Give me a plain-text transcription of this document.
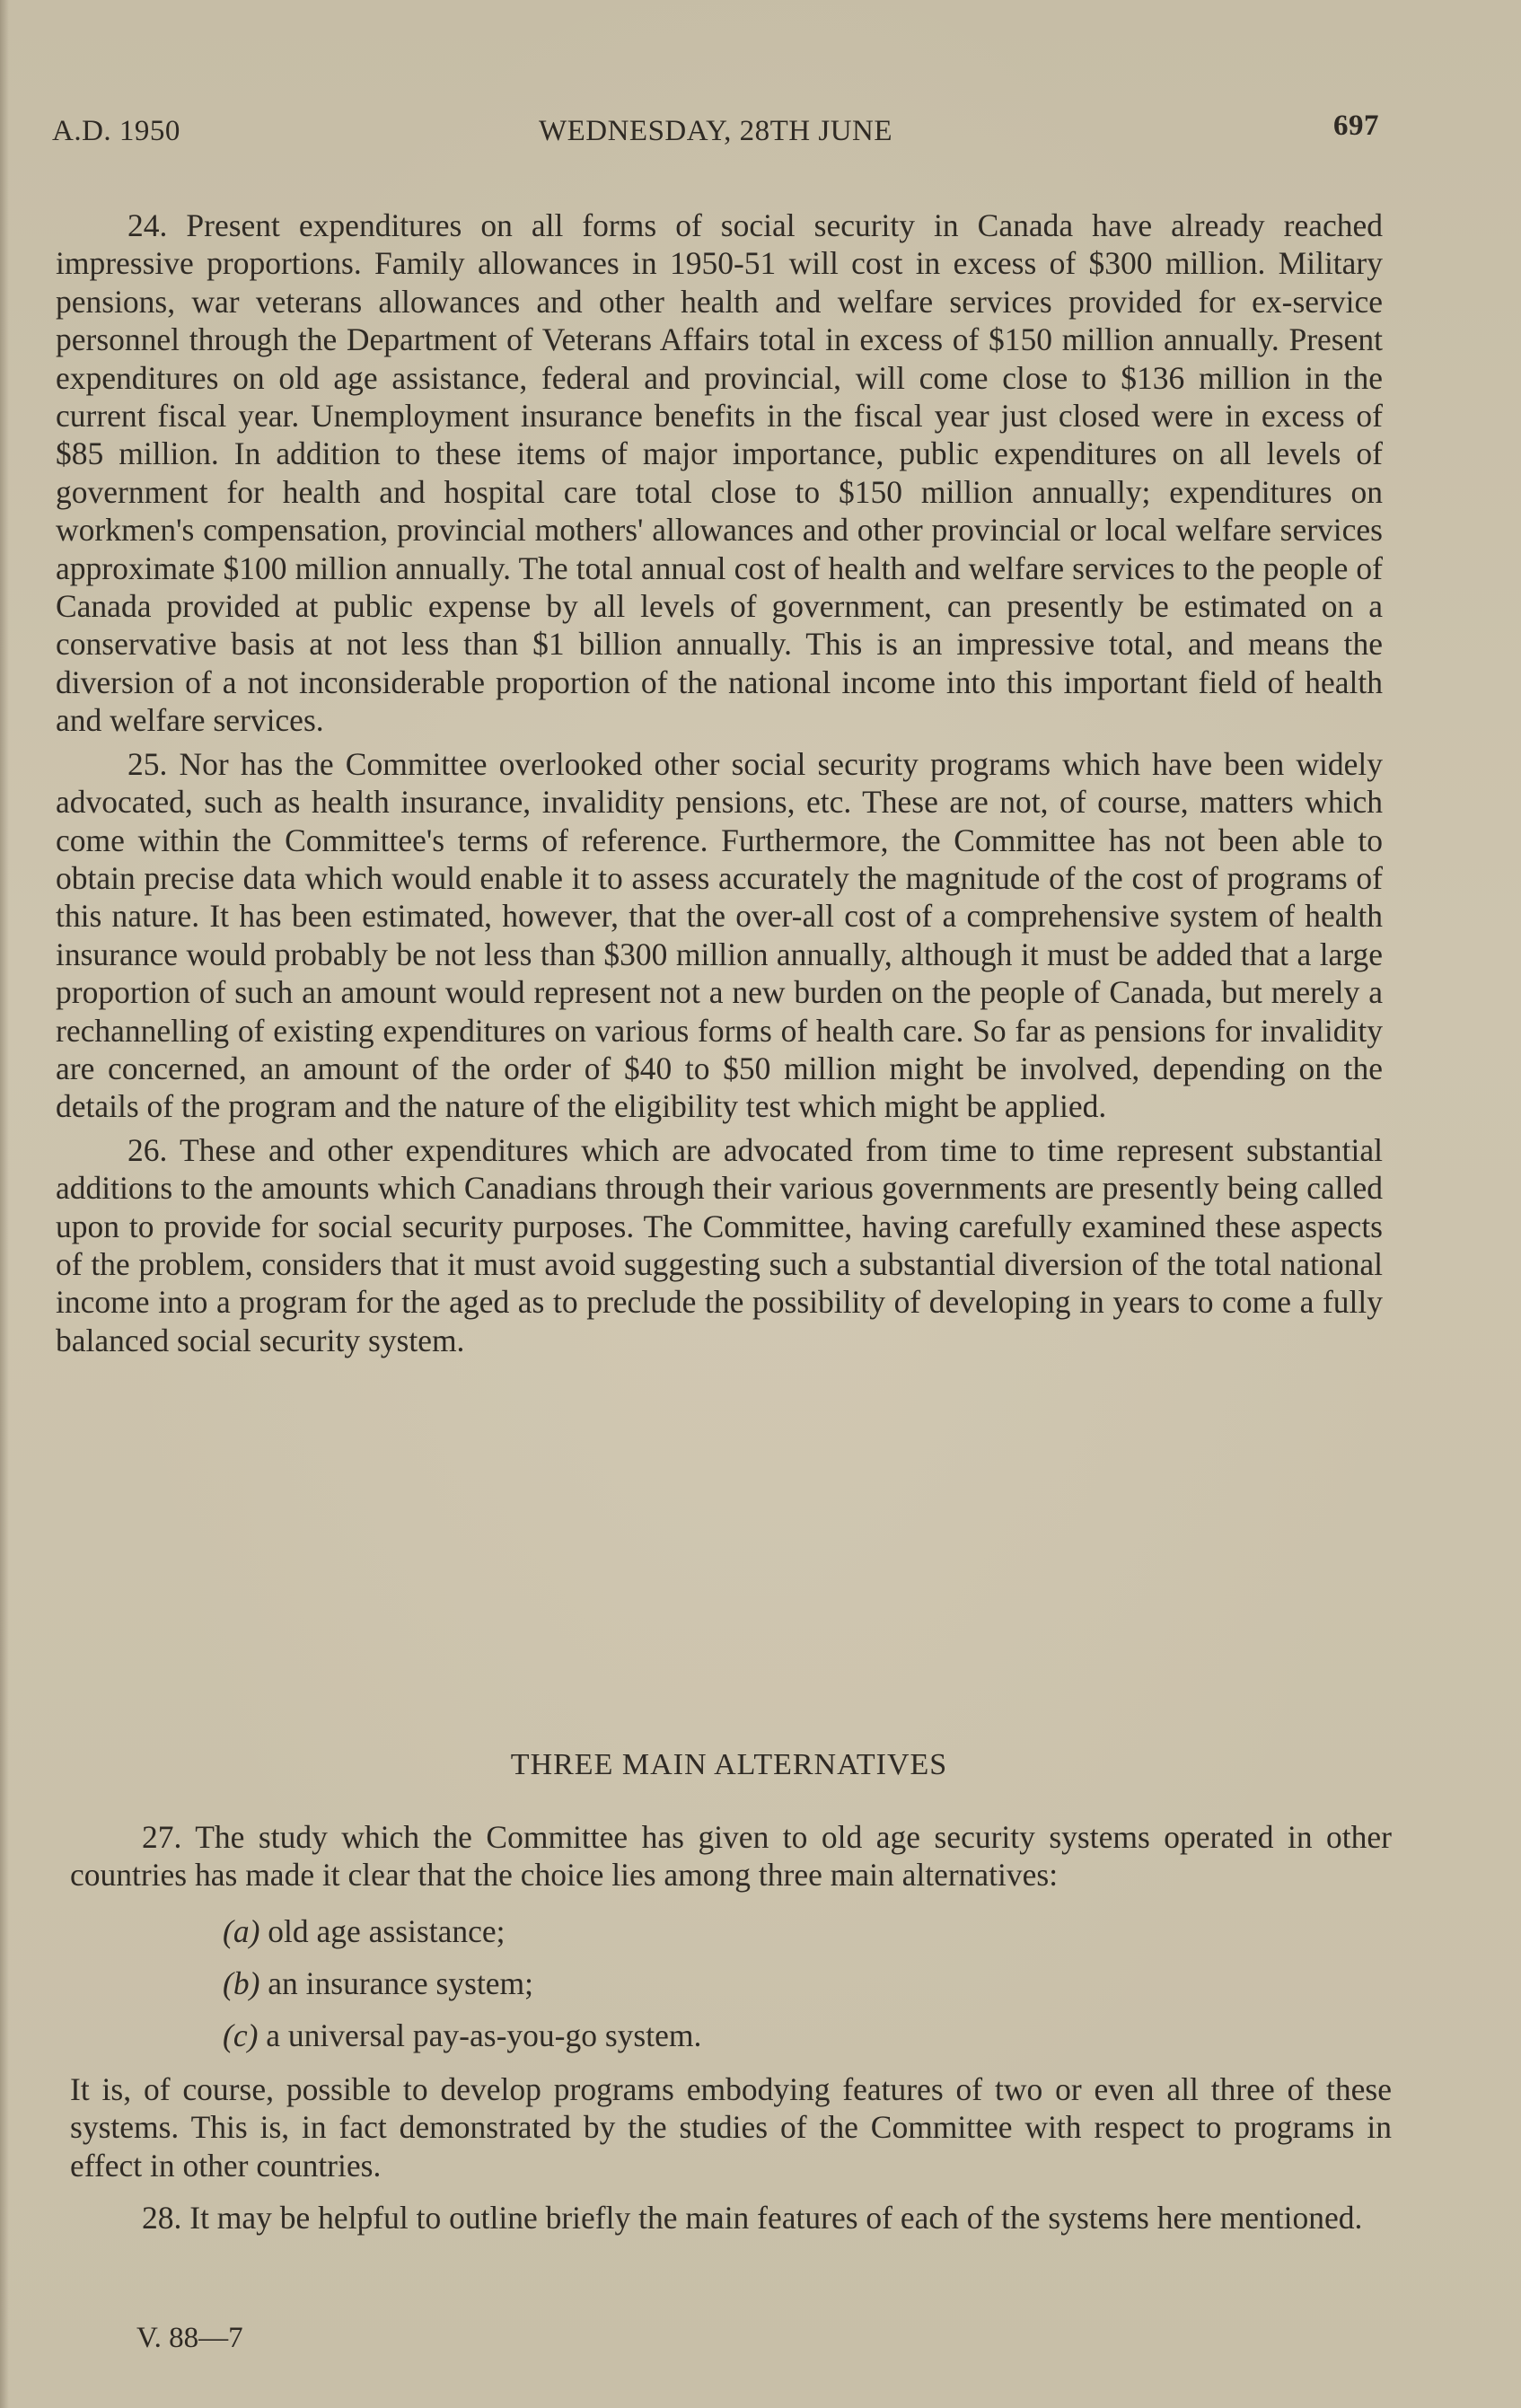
A.D. 1950	WEDNESDAY, 28TH JUNE	697

24. Present expenditures on all forms of social security in Canada have already reached impressive proportions. Family allowances in 1950-51 will cost in excess of $300 million. Military pensions, war veterans allowances and other health and welfare services provided for ex-service personnel through the Department of Veterans Affairs total in excess of $150 million annually. Present expenditures on old age assistance, federal and provincial, will come close to $136 million in the current fiscal year. Unemployment insurance benefits in the fiscal year just closed were in excess of $85 million. In addition to these items of major importance, public expenditures on all levels of government for health and hospital care total close to $150 million annually; expenditures on workmen's compensation, provincial mothers' allowances and other provincial or local welfare services approximate $100 million annually. The total annual cost of health and welfare services to the people of Canada provided at public expense by all levels of government, can presently be estimated on a conservative basis at not less than $1 billion annually. This is an impressive total, and means the diversion of a not inconsiderable proportion of the national income into this important field of health and welfare services.

25. Nor has the Committee overlooked other social security programs which have been widely advocated, such as health insurance, invalidity pensions, etc. These are not, of course, matters which come within the Committee's terms of reference. Furthermore, the Committee has not been able to obtain precise data which would enable it to assess accurately the magnitude of the cost of programs of this nature. It has been estimated, however, that the over-all cost of a comprehensive system of health insurance would probably be not less than $300 million annually, although it must be added that a large proportion of such an amount would represent not a new burden on the people of Canada, but merely a rechannelling of existing expenditures on various forms of health care. So far as pensions for invalidity are concerned, an amount of the order of $40 to $50 million might be involved, depending on the details of the program and the nature of the eligibility test which might be applied.

26. These and other expenditures which are advocated from time to time represent substantial additions to the amounts which Canadians through their various governments are presently being called upon to provide for social security purposes. The Committee, having carefully examined these aspects of the problem, considers that it must avoid suggesting such a substantial diversion of the total national income into a program for the aged as to preclude the possibility of developing in years to come a fully balanced social security system.

THREE MAIN ALTERNATIVES

27. The study which the Committee has given to old age security systems operated in other countries has made it clear that the choice lies among three main alternatives:

(a) old age assistance;
(b) an insurance system;
(c) a universal pay-as-you-go system.

It is, of course, possible to develop programs embodying features of two or even all three of these systems. This is, in fact demonstrated by the studies of the Committee with respect to programs in effect in other countries.

28. It may be helpful to outline briefly the main features of each of the systems here mentioned.

V. 88—7
